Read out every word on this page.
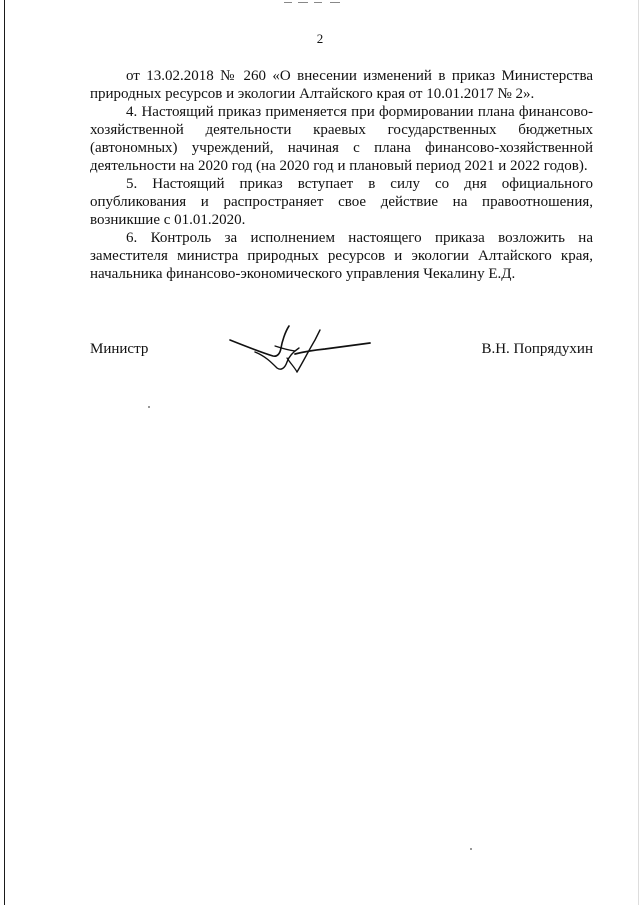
2

от 13.02.2018 № 260 «О внесении изменений в приказ Министерства природных ресурсов и экологии Алтайского края от 10.01.2017 № 2».

4. Настоящий приказ применяется при формировании плана финансово-хозяйственной деятельности краевых государственных бюджетных (автономных) учреждений, начиная с плана финансово-хозяйственной деятельности на 2020 год (на 2020 год и плановый период 2021 и 2022 годов).

5. Настоящий приказ вступает в силу со дня официального опубликования и распространяет свое действие на правоотношения, возникшие с 01.01.2020.

6. Контроль за исполнением настоящего приказа возложить на заместителя министра природных ресурсов и экологии Алтайского края, начальника финансово-экономического управления Чекалину Е.Д.

Министр	В.Н. Попрядухин
